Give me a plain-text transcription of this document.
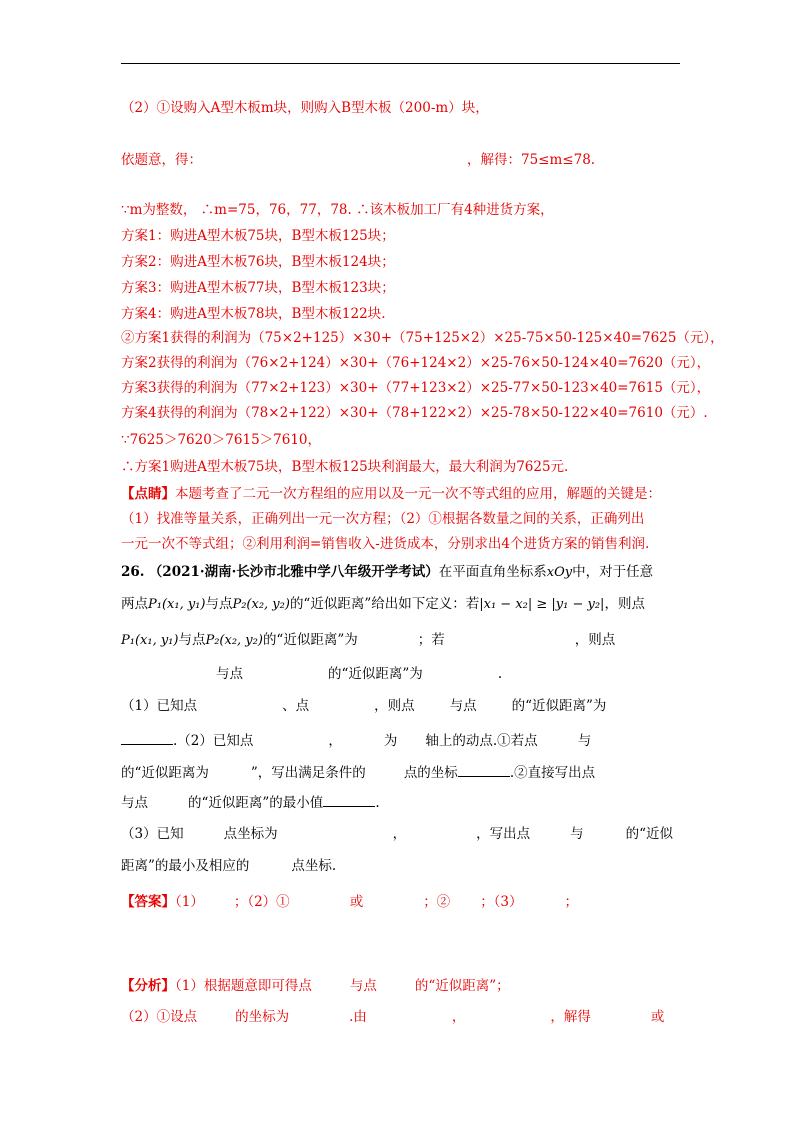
（2）①设购入A型木板m块，则购入B型木板（200-m）块，
依题意，得：	，解得：75≤m≤78.
∵m为整数， ∴m=75，76，77，78. ∴该木板加工厂有4种进货方案，
方案1：购进A型木板75块，B型木板125块；
方案2：购进A型木板76块，B型木板124块；
方案3：购进A型木板77块，B型木板123块；
方案4：购进A型木板78块，B型木板122块.
②方案1获得的利润为（75×2+125）×30+（75+125×2）×25-75×50-125×40=7625（元），
方案2获得的利润为（76×2+124）×30+（76+124×2）×25-76×50-124×40=7620（元），
方案3获得的利润为（77×2+123）×30+（77+123×2）×25-77×50-123×40=7615（元），
方案4获得的利润为（78×2+122）×30+（78+122×2）×25-78×50-122×40=7610（元）.
∵7625＞7620＞7615＞7610，
∴方案1购进A型木板75块，B型木板125块利润最大，最大利润为7625元.
【点睛】本题考查了二元一次方程组的应用以及一元一次不等式组的应用，解题的关键是：
（1）找准等量关系，正确列出一元一次方程；（2）①根据各数量之间的关系，正确列出
一元一次不等式组；②利用利润=销售收入-进货成本，分别求出4个进货方案的销售利润.
26. （2021·湖南·长沙市北雅中学八年级开学考试）在平面直角坐标系xOy中，对于任意
两点P₁(x₁, y₁)与点P₂(x₂, y₂)的“近似距离”给出如下定义：若|x₁ − x₂| ≥ |y₁ − y₂|，则点
P₁(x₁, y₁)与点P₂(x₂, y₂)的“近似距离”为	；若	，则点
与点	的“近似距离”为	.
（1）已知点	、点	，则点	与点	的“近似距离”为
.（2）已知点	，	为 轴上的动点.①若点	与
的“近似距离为	”，写出满足条件的	点的坐标	.②直接写出点
与点	的“近似距离”的最小值	.
（3）已知	点坐标为	，	，写出点	与	的“近似
距离”的最小及相应的	点坐标.
【答案】（1） ；（2）①	或	；② ；（3）	；
【分析】（1）根据题意即可得点	与点	的“近似距离”；
（2）①设点	的坐标为	.由	，	，解得	或
